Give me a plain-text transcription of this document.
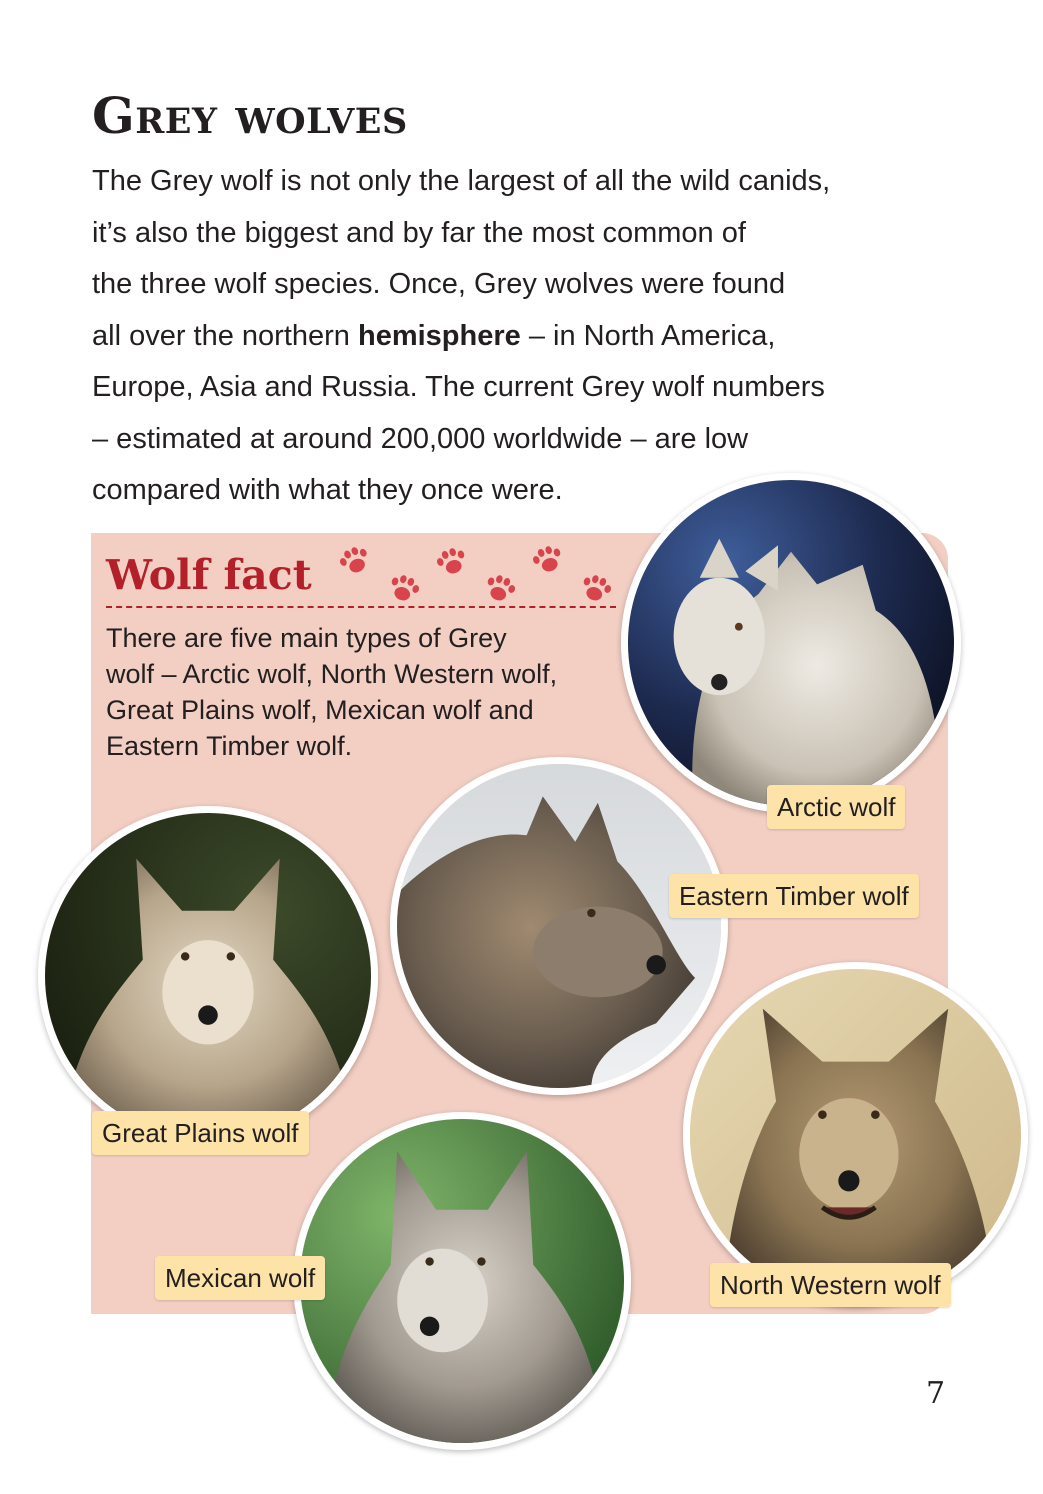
Grey wolves

The Grey wolf is not only the largest of all the wild canids,
it’s also the biggest and by far the most common of
the three wolf species. Once, Grey wolves were found
all over the northern hemisphere – in North America,
Europe, Asia and Russia. The current Grey wolf numbers
– estimated at around 200,000 worldwide – are low
compared with what they once were.

Wolf fact

There are five main types of Grey
wolf – Arctic wolf, North Western wolf,
Great Plains wolf, Mexican wolf and
Eastern Timber wolf.

Arctic wolf
Eastern Timber wolf
Great Plains wolf
North Western wolf
Mexican wolf

7
